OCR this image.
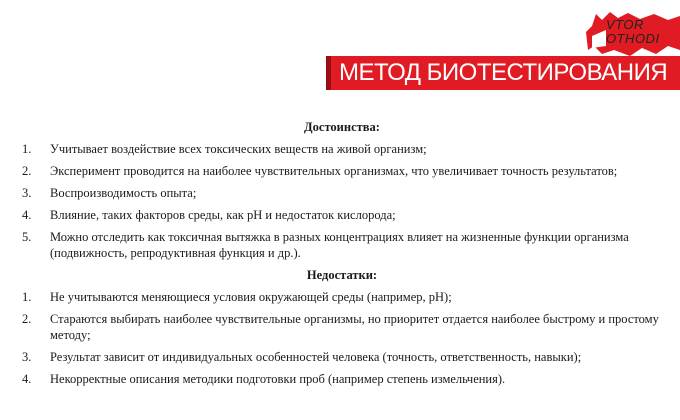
VTOR
OTHODI
МЕТОД БИОТЕСТИРОВАНИЯ
Достоинства:
1.	Учитывает воздействие всех токсических веществ на живой организм;
2.	Эксперимент проводится на наиболее чувствительных организмах, что увеличивает точность результатов;
3.	Воспроизводимость опыта;
4.	Влияние, таких факторов среды, как pH и недостаток кислорода;
5.	Можно отследить как токсичная вытяжка в разных концентрациях влияет на жизненные функции организма (подвижность, репродуктивная функция и др.).
Недостатки:
1.	Не учитываются меняющиеся условия окружающей среды (например, pH);
2.	Стараются выбирать наиболее чувствительные организмы, но приоритет отдается наиболее быстрому и простому методу;
3.	Результат зависит от индивидуальных особенностей человека (точность, ответственность, навыки);
4.	Некорректные описания методики подготовки проб (например степень измельчения).
